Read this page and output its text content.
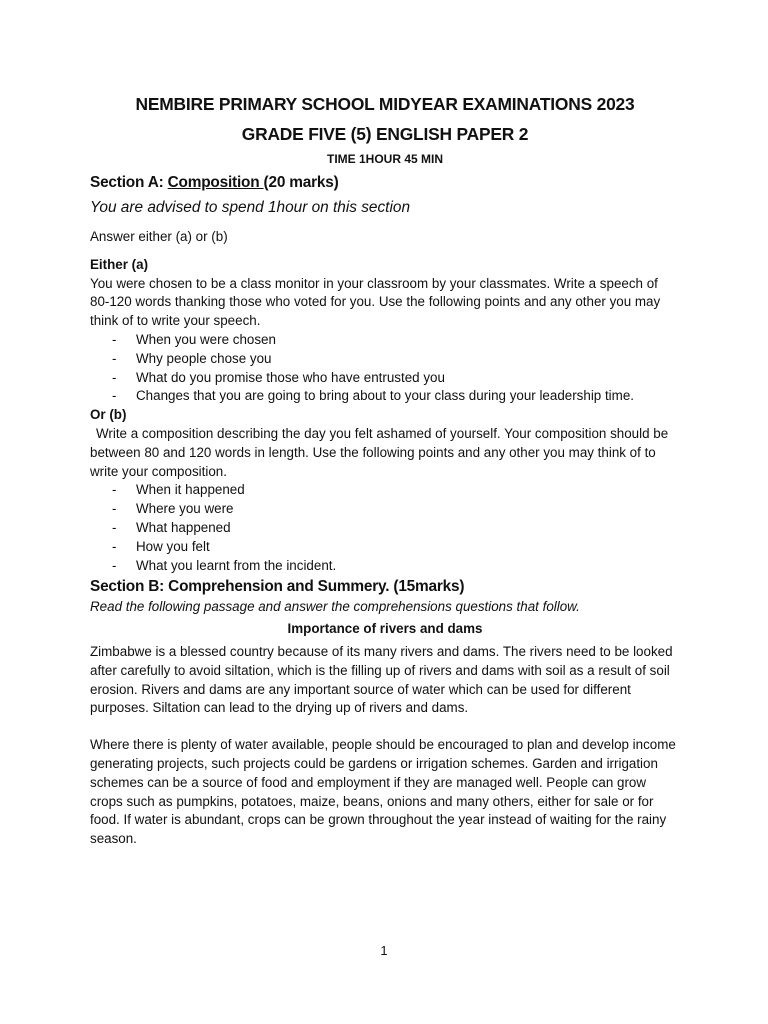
NEMBIRE PRIMARY SCHOOL MIDYEAR EXAMINATIONS 2023
GRADE FIVE (5) ENGLISH PAPER 2
TIME 1HOUR 45 MIN
Section A: Composition (20 marks)
You are advised to spend 1hour on this section
Answer either (a) or (b)
Either (a)

You were chosen to be a class monitor in your classroom by your classmates. Write a speech of 80-120 words thanking those who voted for you. Use the following points and any other you may think of to write your speech.

- When you were chosen
- Why people chose you
- What do you promise those who have entrusted you
- Changes that you are going to bring about to your class during your leadership time.
Or (b)

Write a composition describing the day you felt ashamed of yourself. Your composition should be between 80 and 120 words in length. Use the following points and any other you may think of to write your composition.

- When it happened
- Where you were
- What happened
- How you felt
- What you learnt from the incident.
Section B: Comprehension and Summery. (15marks)
Read the following passage and answer the comprehensions questions that follow.
Importance of rivers and dams

Zimbabwe is a blessed country because of its many rivers and dams. The rivers need to be looked after carefully to avoid siltation, which is the filling up of rivers and dams with soil as a result of soil erosion. Rivers and dams are any important source of water which can be used for different purposes. Siltation can lead to the drying up of rivers and dams.

Where there is plenty of water available, people should be encouraged to plan and develop income generating projects, such projects could be gardens or irrigation schemes. Garden and irrigation schemes can be a source of food and employment if they are managed well. People can grow crops such as pumpkins, potatoes, maize, beans, onions and many others, either for sale or for food. If water is abundant, crops can be grown throughout the year instead of waiting for the rainy season.

1
